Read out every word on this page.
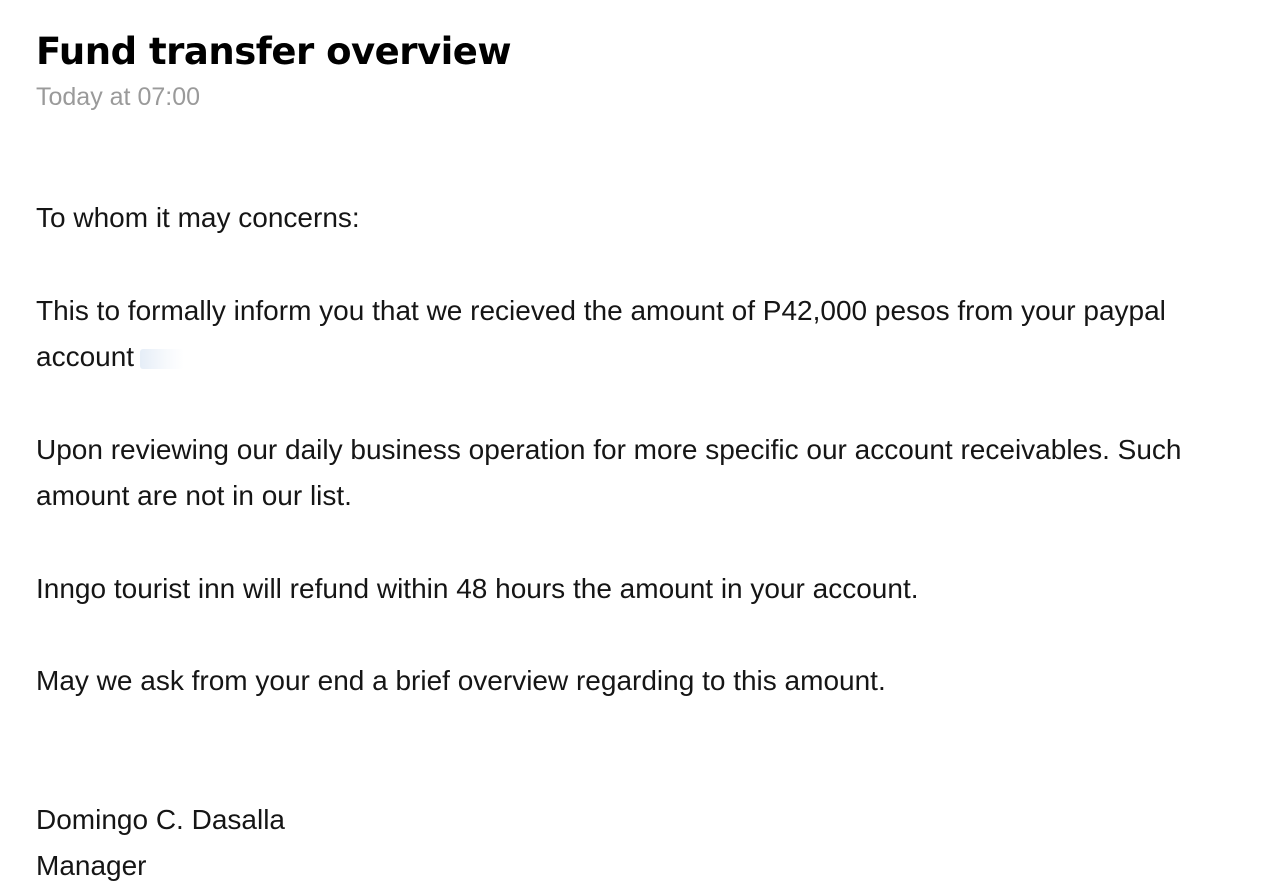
Fund transfer overview
Today at 07:00

To whom it may concerns:

This to formally inform you that we recieved the amount of P42,000 pesos from your paypal account

Upon reviewing our daily business operation for more specific our account receivables. Such amount are not in our list.

Inngo tourist inn will refund within 48 hours the amount in your account.

May we ask from your end a brief overview regarding to this amount.

Domingo C. Dasalla
Manager
